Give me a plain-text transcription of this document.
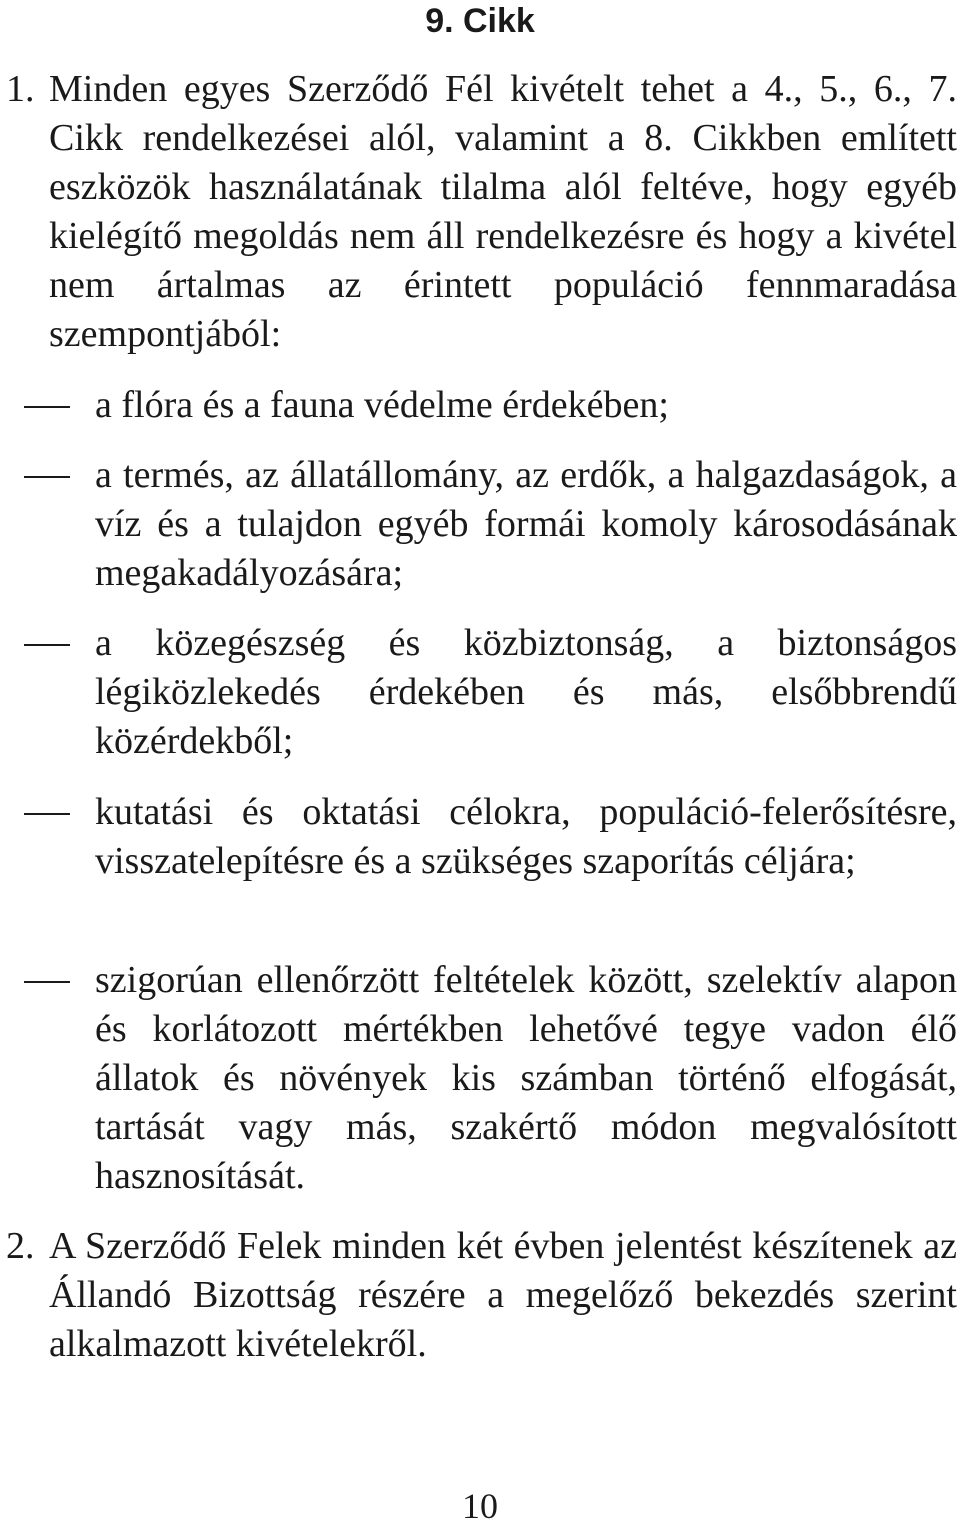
9. Cikk
1. Minden egyes Szerződő Fél kivételt tehet a 4., 5., 6., 7. Cikk rendelkezései alól, valamint a 8. Cikkben említett eszközök használatának tilalma alól feltéve, hogy egyéb kielégítő megoldás nem áll rendelkezésre és hogy a kivétel nem ártalmas az érintett populáció fennmaradása szempontjából:
a flóra és a fauna védelme érdekében;
a termés, az állatállomány, az erdők, a halgazdaságok, a víz és a tulajdon egyéb formái komoly károsodásának megakadályozására;
a közegészség és közbiztonság, a biztonságos légiközlekedés érdekében és más, elsőbbrendű közérdekből;
kutatási és oktatási célokra, populáció-felerősítésre, visszatelepítésre és a szükséges szaporítás céljára;
szigorúan ellenőrzött feltételek között, szelektív alapon és korlátozott mértékben lehetővé tegye vadon élő állatok és növények kis számban történő elfogását, tartását vagy más, szakértő módon megvalósított hasznosítását.
2. A Szerződő Felek minden két évben jelentést készítenek az Állandó Bizottság részére a megelőző bekezdés szerint alkalmazott kivételekről.
10
